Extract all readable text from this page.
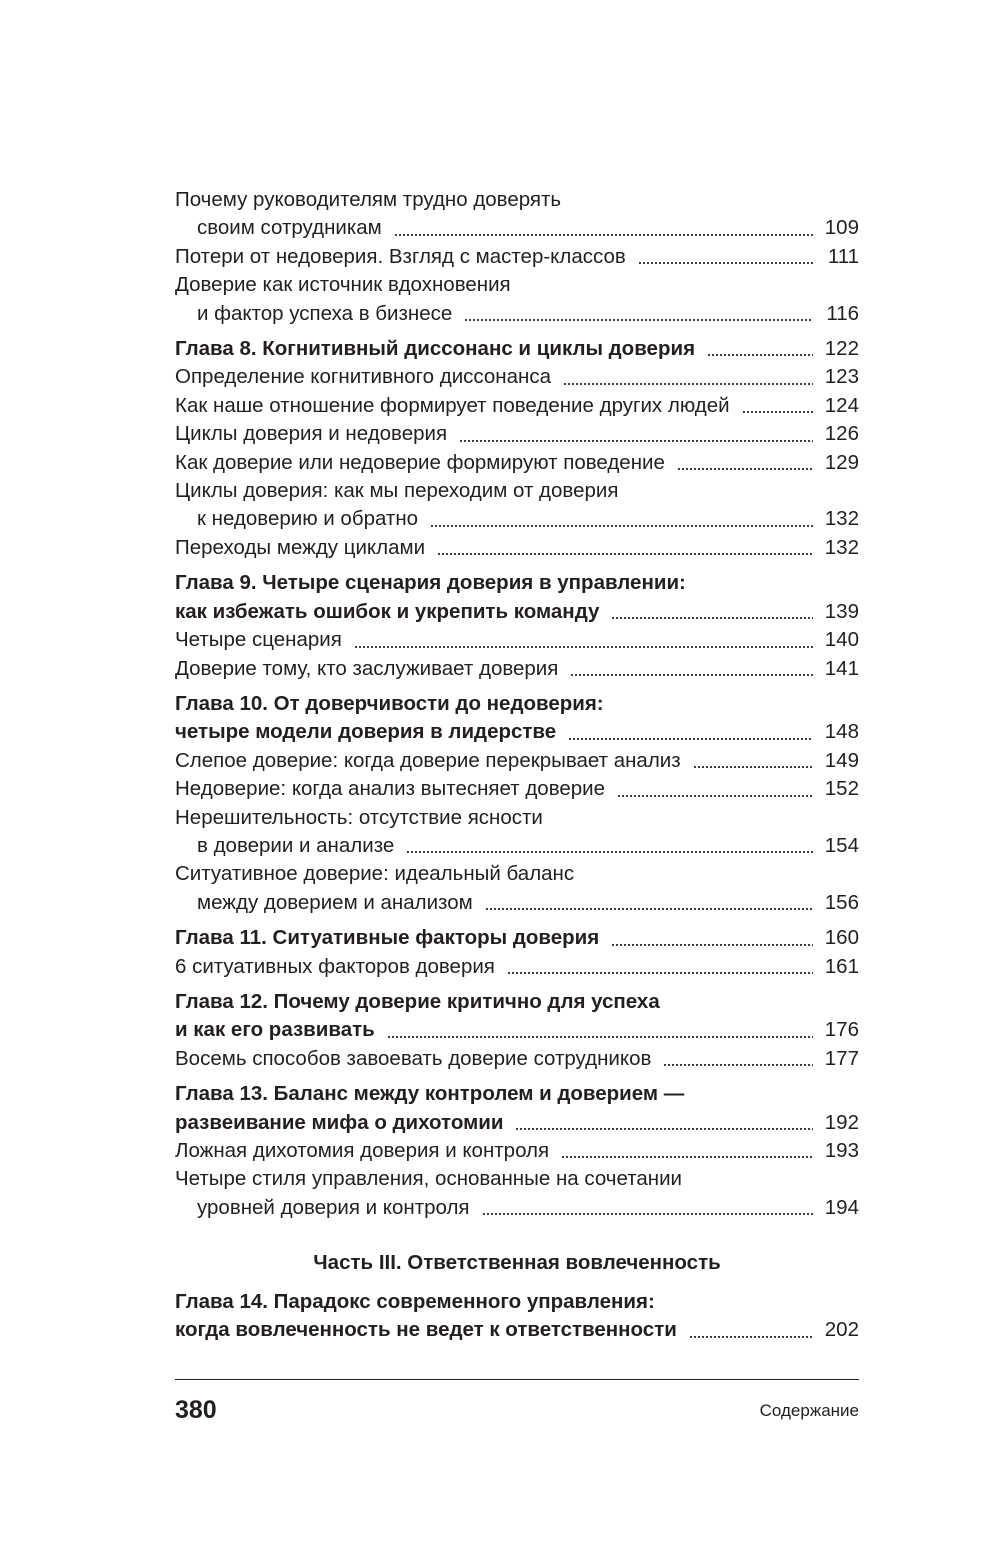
Почему руководителям трудно доверять
своим сотрудникам	109
Потери от недоверия. Взгляд с мастер-классов	111
Доверие как источник вдохновения
и фактор успеха в бизнесе	116
Глава 8. Когнитивный диссонанс и циклы доверия	122
Определение когнитивного диссонанса	123
Как наше отношение формирует поведение других людей	124
Циклы доверия и недоверия	126
Как доверие или недоверие формируют поведение	129
Циклы доверия: как мы переходим от доверия
к недоверию и обратно	132
Переходы между циклами	132
Глава 9. Четыре сценария доверия в управлении:
как избежать ошибок и укрепить команду	139
Четыре сценария	140
Доверие тому, кто заслуживает доверия	141
Глава 10. От доверчивости до недоверия:
четыре модели доверия в лидерстве	148
Слепое доверие: когда доверие перекрывает анализ	149
Недоверие: когда анализ вытесняет доверие	152
Нерешительность: отсутствие ясности
в доверии и анализе	154
Ситуативное доверие: идеальный баланс
между доверием и анализом	156
Глава 11. Ситуативные факторы доверия	160
6 ситуативных факторов доверия	161
Глава 12. Почему доверие критично для успеха
и как его развивать	176
Восемь способов завоевать доверие сотрудников	177
Глава 13. Баланс между контролем и доверием —
развеивание мифа о дихотомии	192
Ложная дихотомия доверия и контроля	193
Четыре стиля управления, основанные на сочетании
уровней доверия и контроля	194
Часть III. Ответственная вовлеченность
Глава 14. Парадокс современного управления:
когда вовлеченность не ведет к ответственности	202
380	Содержание
